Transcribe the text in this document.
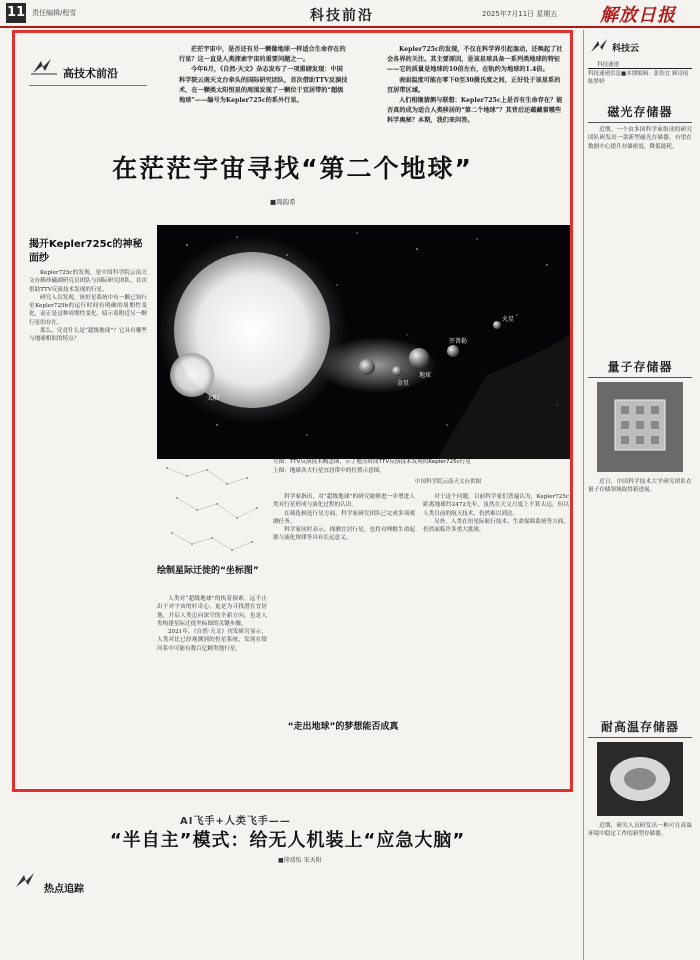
11 责任编辑/程雪	科技前沿	2025年7月11日 星期五 解放日报
高技术前沿

茫茫宇宙中，是否还有另一颗像地球一样适合生命存在的行星？这一直是人类探索宇宙的重要问题之一。

今年6月，《自然·天文》杂志发布了一项重磅发现：中国科学院云南天文台牵头的国际研究团队，首次借助TTV反演技术，在一颗类太阳恒星的周围发现了一颗位于宜居带的“超级地球”——编号为Kepler725c的系外行星。

Kepler725c的发现，不仅在科学界引起轰动，还唤起了社会各界的关注。其主要原因，是该星球具备一系列类地球的特征——它的质量是地球的10倍左右，在轨约为地球的1.4倍。

表面温度可能在零下0至30摄氏度之间，正好处于该星系的宜居带区域。

人们相继猜测与联想：Kepler725c上是否有生命存在？能否真的成为适合人类移居的“第二个地球”？其背后还蕴藏着哪些科学奥秘？本期，我们来问答。

在茫茫宇宙寻找“第二个地球”
■周韵希
揭开Kepler725c的神秘面纱

Kepler725c的发现，是中国科学院云南天文台赖珍磁副研究员团队与国际研究团队，首次借助TTV反演技术发现的行星。

研究人员发现，该恒星系统中有一颗已知行星Kepler725b的运行时间有明确的周期性变化，而正是这种周期性变化，暗示着附近另一颗行星的存在。

那么，究竟什么是“超级地球”？它具有哪些与地球相似的特点？

太阳
开普勒
金星
地球
火星

左图：TTV反演技术概念图，示了地点时间TTV反演技术发现的Kepler725c行星

上图：地球各大行星宜居带中的位置示意图。

中国科学院云南天文台供图
绘制星际迁徙的“坐标图”

人类对“超级地球”的执着探索，远不止出于对宇宙的好奇心，更是为寻找潜在宜居地，开启人类迈向深空的全新方向，也是人类构建星际迁徙坐标图的关键步骤。

2021年，《自然·天文》刊发研究显示，人类对比已经观测到的恒星系统，发现在银河系中可能有数百亿颗类地行星。

科学家指出，对“超级地球”的研究能够进一步增进人类对行星形成与演化过程的认识。

在筛选候选行星方面，科学家研究团队已完成多项观测任务。

科学家同时表示，探测宜居行星，也将对理解生命起源与演化规律等具有长远意义。

“走出地球”的梦想能否成真

对于这个问题，目前科学家们普遍认为，Kepler725c距离地球约2472光年，虽然在天文尺度上不算太远，但以人类目前的航天技术，仍然难以到达。

另外，人类在恒星际航行技术、生命保障系统等方面，仍然面临许多重大挑战。

科技云
科技速递
科技速递信息■本期编辑：张怡宜 顾诗雨 陈梦妍
磁光存储器

近期，一个由多国科学家组成的研究团队研发出一款新型磁光存储器，有望在数据中心提升存储密度，降低能耗。

量子存储器

近日，中国科学技术大学研究团队在量子存储领域取得新进展。

耐高温存储器

近期，研究人员研发出一种可在高温环境中稳定工作的新型存储器。

AI飞手+人类飞手——
“半自主”模式：给无人机装上“应急大脑”
■徐靖怡 宋天阳
热点追踪
